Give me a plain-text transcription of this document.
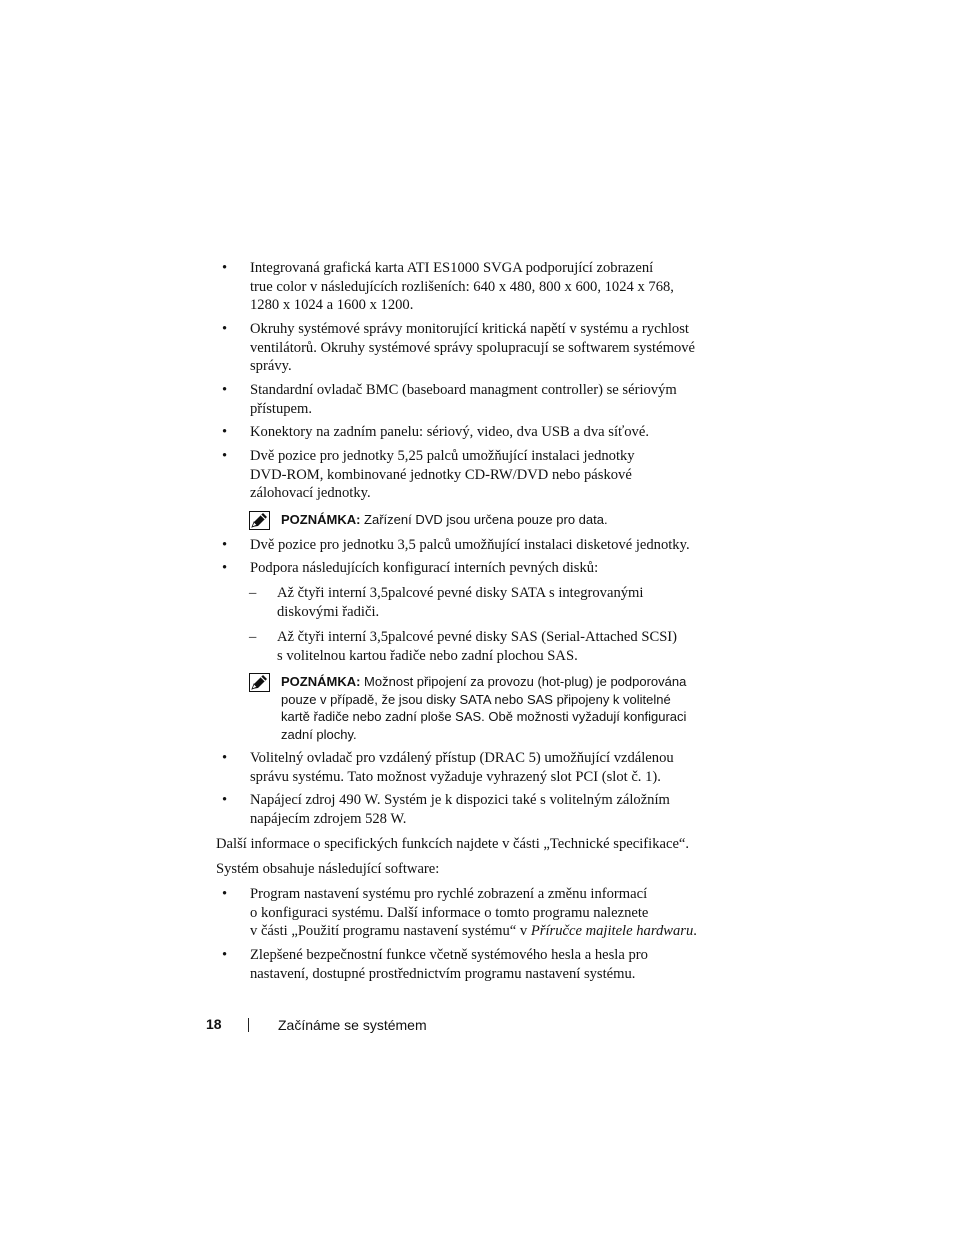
•	Integrovaná grafická karta ATI ES1000 SVGA podporující zobrazení
true color v následujících rozlišeních: 640 x 480, 800 x 600, 1024 x 768,
1280 x 1024 a 1600 x 1200.
•	Okruhy systémové správy monitorující kritická napětí v systému a rychlost
ventilátorů. Okruhy systémové správy spolupracují se softwarem systémové
správy.
•	Standardní ovladač BMC (baseboard managment controller) se sériovým
přístupem.
•	Konektory na zadním panelu: sériový, video, dva USB a dva síťové.
•	Dvě pozice pro jednotky 5,25 palců umožňující instalaci jednotky
DVD-ROM, kombinované jednotky CD-RW/DVD nebo páskové
zálohovací jednotky.
POZNÁMKA: Zařízení DVD jsou určena pouze pro data.
•	Dvě pozice pro jednotku 3,5 palců umožňující instalaci disketové jednotky.
•	Podpora následujících konfigurací interních pevných disků:
– Až čtyři interní 3,5palcové pevné disky SATA s integrovanými
diskovými řadiči.
– Až čtyři interní 3,5palcové pevné disky SAS (Serial-Attached SCSI)
s volitelnou kartou řadiče nebo zadní plochou SAS.
POZNÁMKA: Možnost připojení za provozu (hot-plug) je podporována
pouze v případě, že jsou disky SATA nebo SAS připojeny k volitelné
kartě řadiče nebo zadní ploše SAS. Obě možnosti vyžadují konfiguraci
zadní plochy.
•	Volitelný ovladač pro vzdálený přístup (DRAC 5) umožňující vzdálenou
správu systému. Tato možnost vyžaduje vyhrazený slot PCI (slot č. 1).
•	Napájecí zdroj 490 W. Systém je k dispozici také s volitelným záložním
napájecím zdrojem 528 W.
Další informace o specifických funkcích najdete v části „Technické specifikace“.
Systém obsahuje následující software:
•	Program nastavení systému pro rychlé zobrazení a změnu informací
o konfiguraci systému. Další informace o tomto programu naleznete
v části „Použití programu nastavení systému“ v Příručce majitele hardwaru.
•	Zlepšené bezpečnostní funkce včetně systémového hesla a hesla pro
nastavení, dostupné prostřednictvím programu nastavení systému.
18	Začínáme se systémem
